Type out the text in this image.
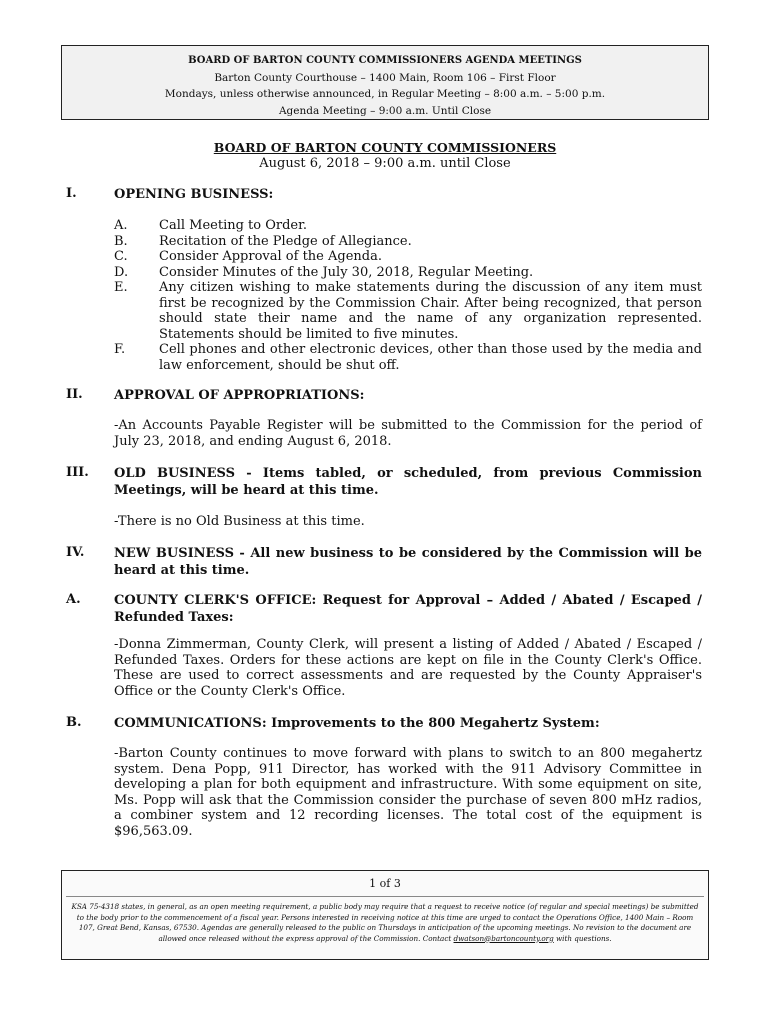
BOARD OF BARTON COUNTY COMMISSIONERS AGENDA MEETINGS
Barton County Courthouse – 1400 Main, Room 106 – First Floor
Mondays, unless otherwise announced, in Regular Meeting – 8:00 a.m. – 5:00 p.m.
Agenda Meeting – 9:00 a.m. Until Close
BOARD OF BARTON COUNTY COMMISSIONERS
August 6, 2018 – 9:00 a.m. until Close
I.	OPENING BUSINESS:
A. Call Meeting to Order.
B. Recitation of the Pledge of Allegiance.
C. Consider Approval of the Agenda.
D. Consider Minutes of the July 30, 2018, Regular Meeting.
E. Any citizen wishing to make statements during the discussion of any item must first be recognized by the Commission Chair. After being recognized, that person should state their name and the name of any organization represented. Statements should be limited to five minutes.
F.	Cell phones and other electronic devices, other than those used by the media and law enforcement, should be shut off.
II. APPROVAL OF APPROPRIATIONS:
-An Accounts Payable Register will be submitted to the Commission for the period of July 23, 2018, and ending August 6, 2018.
III. OLD BUSINESS - Items tabled, or scheduled, from previous Commission Meetings, will be heard at this time.
-There is no Old Business at this time.
IV. NEW BUSINESS - All new business to be considered by the Commission will be heard at this time.
A.	COUNTY CLERK'S OFFICE: Request for Approval – Added / Abated / Escaped / Refunded Taxes:
-Donna Zimmerman, County Clerk, will present a listing of Added / Abated / Escaped / Refunded Taxes. Orders for these actions are kept on file in the County Clerk's Office. These are used to correct assessments and are requested by the County Appraiser's Office or the County Clerk's Office.
B. COMMUNICATIONS: Improvements to the 800 Megahertz System:
-Barton County continues to move forward with plans to switch to an 800 megahertz system. Dena Popp, 911 Director, has worked with the 911 Advisory Committee in developing a plan for both equipment and infrastructure. With some equipment on site, Ms. Popp will ask that the Commission consider the purchase of seven 800 mHz radios, a combiner system and 12 recording licenses. The total cost of the equipment is $96,563.09.
1 of 3
KSA 75-4318 states, in general, as an open meeting requirement, a public body may require that a request to receive notice (of regular and special meetings) be submitted to the body prior to the commencement of a fiscal year. Persons interested in receiving notice at this time are urged to contact the Operations Office, 1400 Main – Room 107, Great Bend, Kansas, 67530. Agendas are generally released to the public on Thursdays in anticipation of the upcoming meetings. No revision to the document are allowed once released without the express approval of the Commission. Contact dwatson@bartoncounty.org with questions.
